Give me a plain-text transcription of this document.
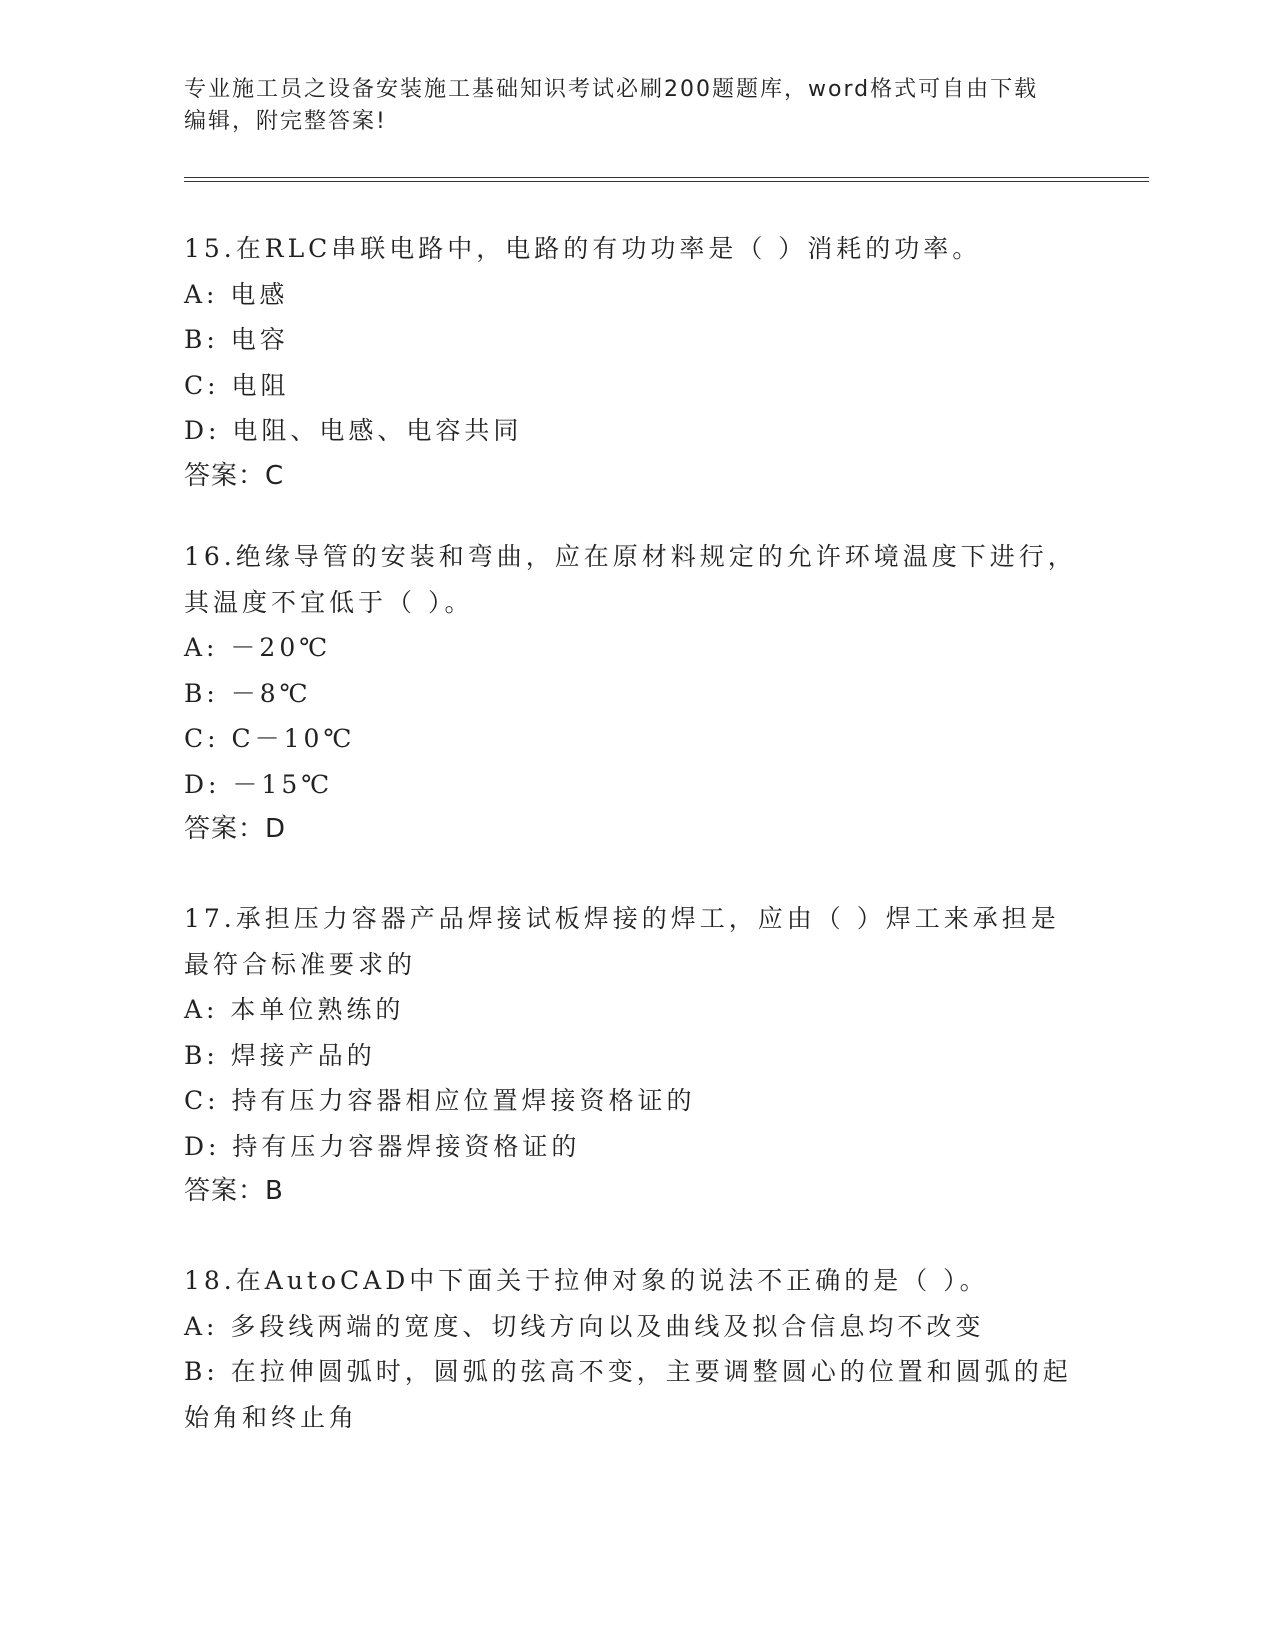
专业施工员之设备安装施工基础知识考试必刷200题题库，word格式可自由下载
编辑，附完整答案!
15.在RLC串联电路中，电路的有功功率是（ ）消耗的功率。
A: 电感
B: 电容
C: 电阻
D: 电阻、电感、电容共同
答案：C
16.绝缘导管的安装和弯曲，应在原材料规定的允许环境温度下进行，
其温度不宜低于（ ）。
A: －20℃
B: －8℃
C: C－10℃
D: －15℃
答案：D
17.承担压力容器产品焊接试板焊接的焊工，应由（ ）焊工来承担是
最符合标准要求的
A: 本单位熟练的
B: 焊接产品的
C: 持有压力容器相应位置焊接资格证的
D: 持有压力容器焊接资格证的
答案：B
18.在AutoCAD中下面关于拉伸对象的说法不正确的是（ ）。
A: 多段线两端的宽度、切线方向以及曲线及拟合信息均不改变
B: 在拉伸圆弧时，圆弧的弦高不变，主要调整圆心的位置和圆弧的起
始角和终止角
